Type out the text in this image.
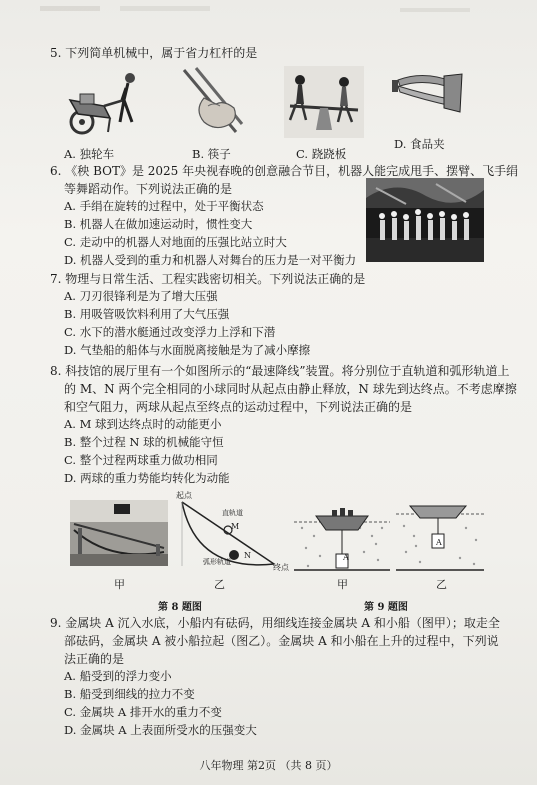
5. 下列简单机械中，属于省力杠杆的是
A. 独轮车	B. 筷子	C. 跷跷板
D. 食品夹
6. 《秧 BOT》是 2025 年央视春晚的创意融合节目，机器人能完成甩手、摆臂、飞手绢
等舞蹈动作。下列说法正确的是
A. 手绢在旋转的过程中，处于平衡状态
B. 机器人在做加速运动时，惯性变大
C. 走动中的机器人对地面的压强比站立时大
D. 机器人受到的重力和机器人对舞台的压力是一对平衡力
7. 物理与日常生活、工程实践密切相关。下列说法正确的是
A. 刀刃很锋利是为了增大压强
B. 用吸管吸饮料利用了大气压强
C. 水下的潜水艇通过改变浮力上浮和下潜
D. 气垫船的船体与水面脱离接触是为了减小摩擦
8. 科技馆的展厅里有一个如图所示的“最速降线”装置。将分别位于直轨道和弧形轨道上
的 M、N 两个完全相同的小球同时从起点由静止释放，N 球先到达终点。不考虑摩擦
和空气阻力，两球从起点至终点的运动过程中，下列说法正确的是
A. M 球到达终点时的动能更小
B. 整个过程 N 球的机械能守恒
C. 整个过程两球重力做功相同
D. 两球的重力势能均转化为动能
甲
起点
直轨道
M
弧形轨道
N
终点
乙
第 8 题图
A
甲
A
乙
第 9 题图
9. 金属块 A 沉入水底，小船内有砝码，用细线连接金属块 A 和小船（图甲）；取走全
部砝码，金属块 A 被小船拉起（图乙）。金属块 A 和小船在上升的过程中，下列说
法正确的是
A. 船受到的浮力变小
B. 船受到细线的拉力不变
C. 金属块 A 排开水的重力不变
D. 金属块 A 上表面所受水的压强变大
八年物理 第2页 （共 8 页）
